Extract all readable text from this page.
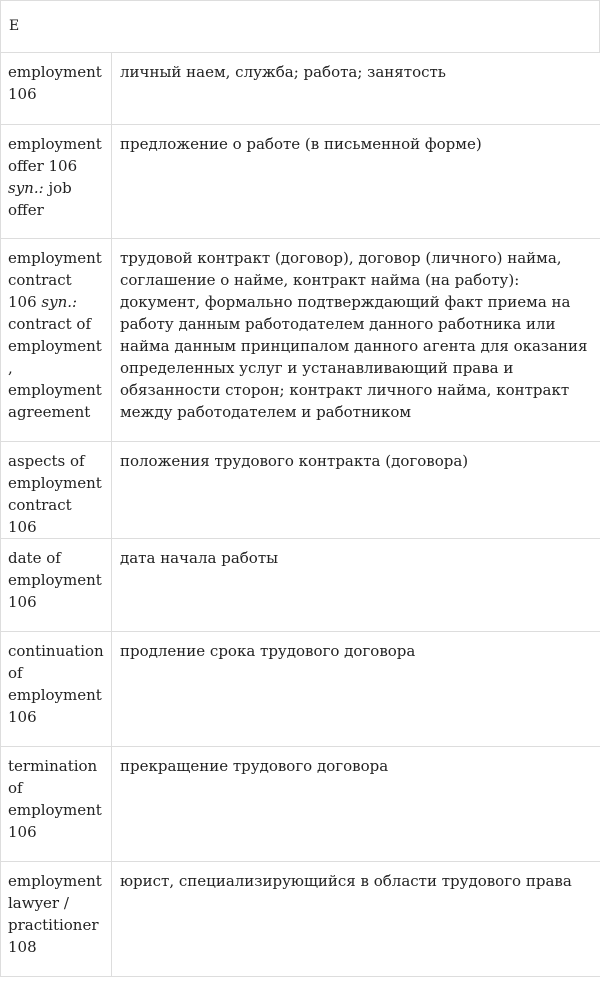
E
employment 106	личный наем, служба; работа; занятость
employment offer 106 syn.: job offer	предложение о работе (в письменной форме)
employment contract 106 syn.: contract of employment, employment agreement	трудовой контракт (договор), договор (личного) найма, соглашение о найме, контракт найма (на работу): документ, формально подтверждающий факт приема на работу данным работодателем данного работника или найма данным принципалом данного агента для оказания определенных услуг и устанавливающий права и обязанности сторон; контракт личного найма, контракт между работодателем и работником

aspects of employment contract 106	положения трудового контракта (договора)

date of employment 106	дата начала работы

continuation of employment 106	продление срока трудового договора

termination of employment 106	прекращение трудового договора

employment lawyer / practitioner 108	юрист, специализирующийся в области трудового права
